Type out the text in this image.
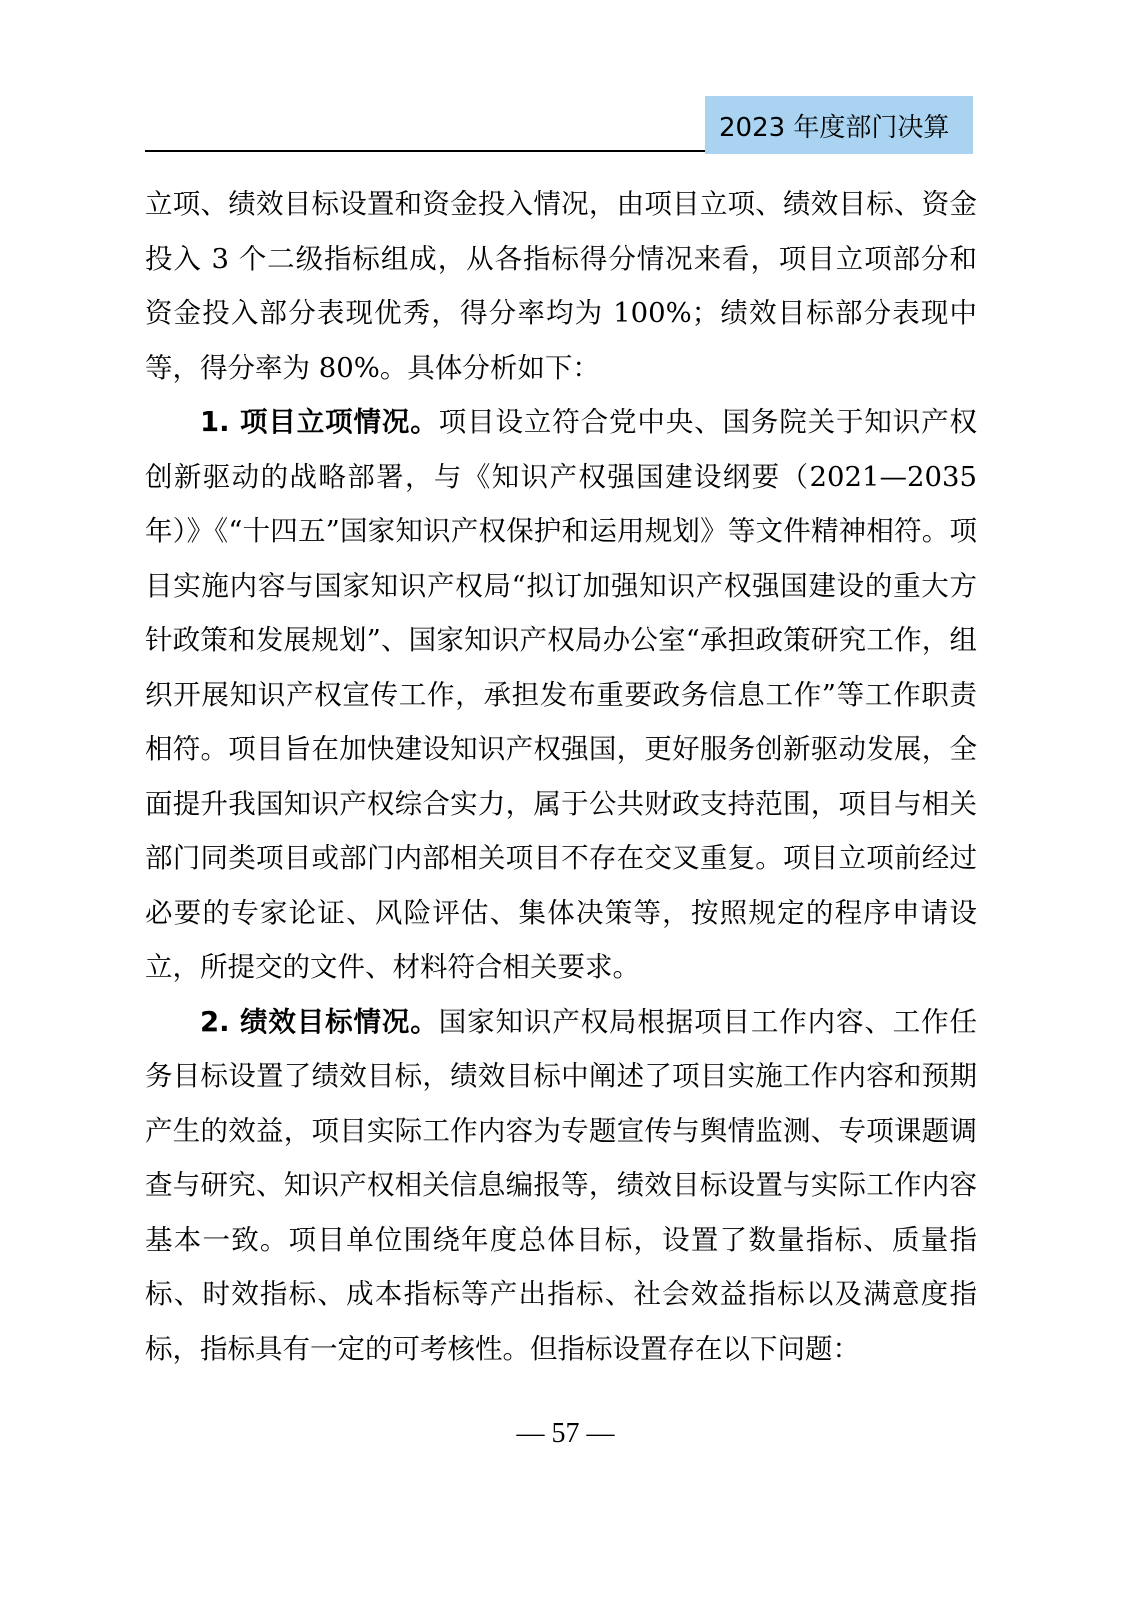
2023 年度部门决算

立项、绩效目标设置和资金投入情况，由项目立项、绩效目标、资金投入 3 个二级指标组成，从各指标得分情况来看，项目立项部分和资金投入部分表现优秀，得分率均为 100%；绩效目标部分表现中等，得分率为 80%。具体分析如下：

1. 项目立项情况。项目设立符合党中央、国务院关于知识产权创新驱动的战略部署，与《知识产权强国建设纲要（2021—2035 年）》《“十四五”国家知识产权保护和运用规划》等文件精神相符。项目实施内容与国家知识产权局“拟订加强知识产权强国建设的重大方针政策和发展规划”、国家知识产权局办公室“承担政策研究工作，组织开展知识产权宣传工作，承担发布重要政务信息工作”等工作职责相符。项目旨在加快建设知识产权强国，更好服务创新驱动发展，全面提升我国知识产权综合实力，属于公共财政支持范围，项目与相关部门同类项目或部门内部相关项目不存在交叉重复。项目立项前经过必要的专家论证、风险评估、集体决策等，按照规定的程序申请设立，所提交的文件、材料符合相关要求。

2. 绩效目标情况。国家知识产权局根据项目工作内容、工作任务目标设置了绩效目标，绩效目标中阐述了项目实施工作内容和预期产生的效益，项目实际工作内容为专题宣传与舆情监测、专项课题调查与研究、知识产权相关信息编报等，绩效目标设置与实际工作内容基本一致。项目单位围绕年度总体目标，设置了数量指标、质量指标、时效指标、成本指标等产出指标、社会效益指标以及满意度指标，指标具有一定的可考核性。但指标设置存在以下问题：

— 57 —
